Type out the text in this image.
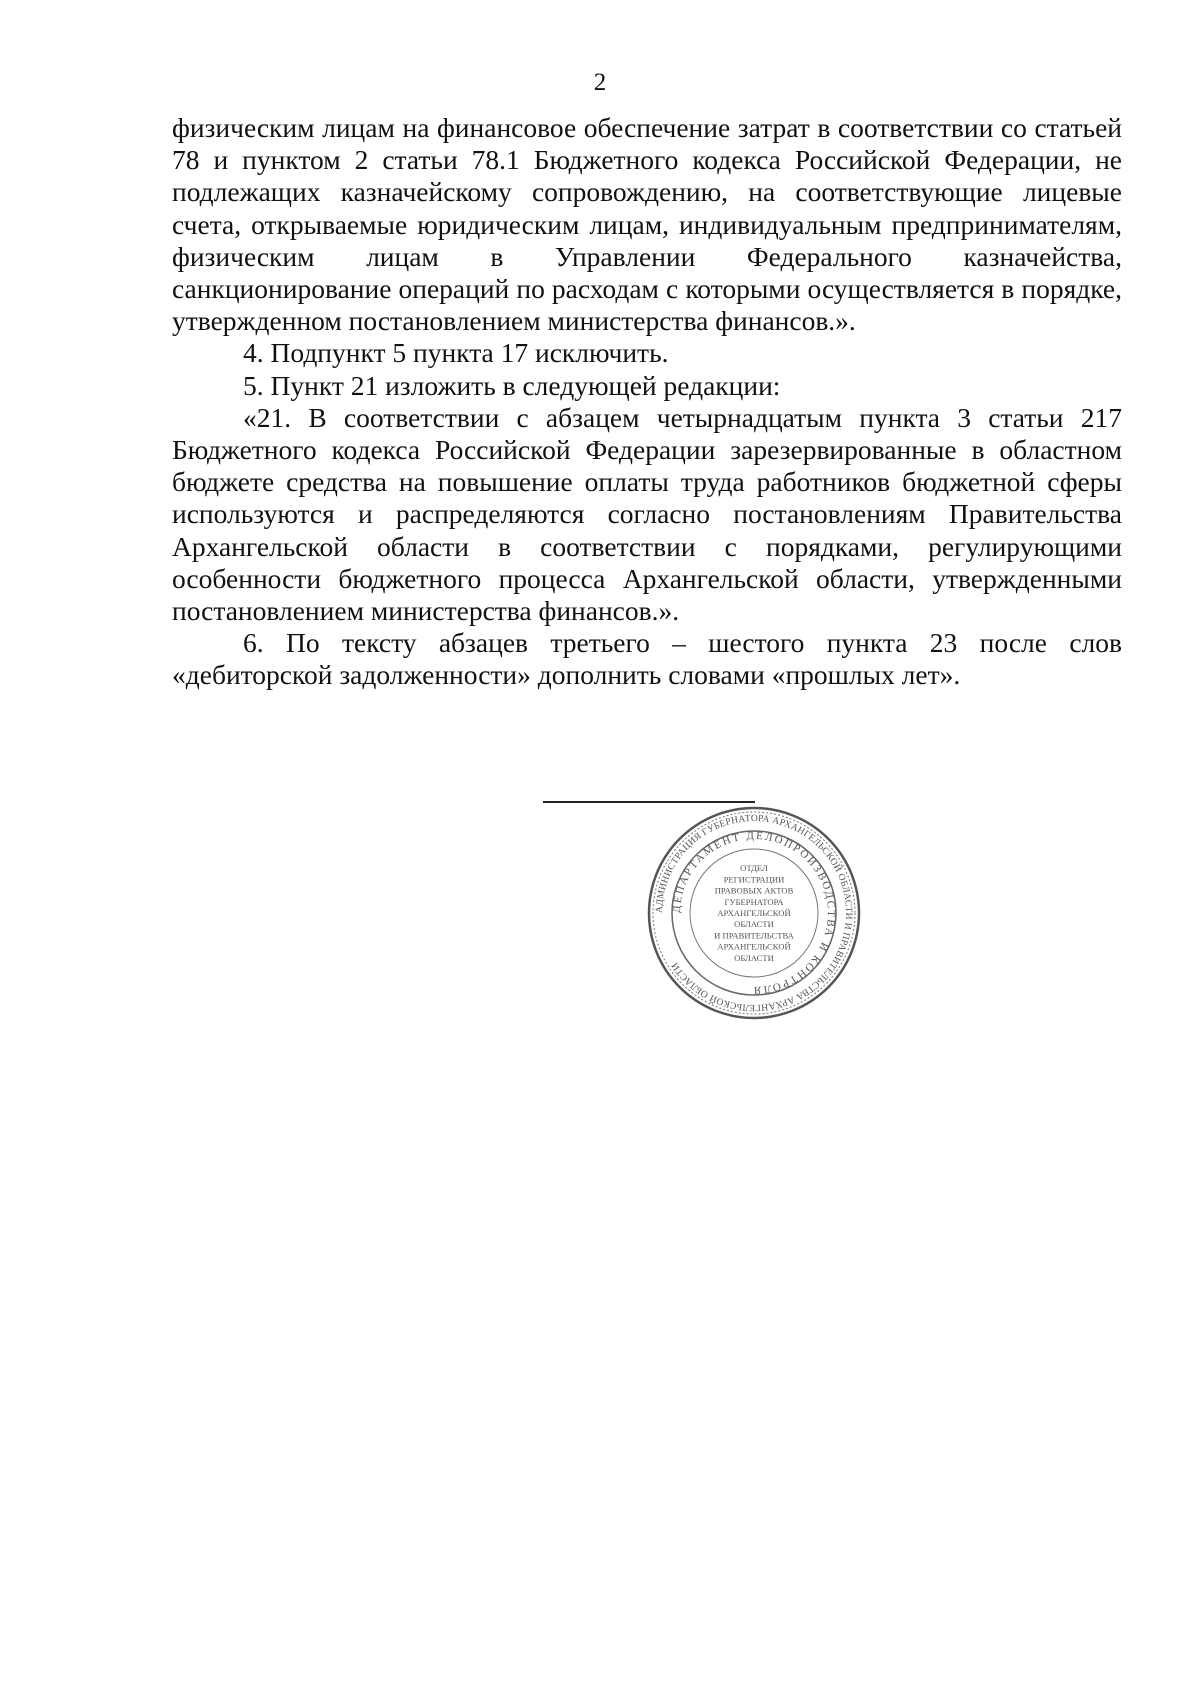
2

физическим лицам на финансовое обеспечение затрат в соответствии со статьей 78 и пунктом 2 статьи 78.1 Бюджетного кодекса Российской Федерации, не подлежащих казначейскому сопровождению, на соответствующие лицевые счета, открываемые юридическим лицам, индивидуальным предпринимателям, физическим лицам в Управлении Федерального казначейства, санкционирование операций по расходам с которыми осуществляется в порядке, утвержденном постановлением министерства финансов.».

4. Подпункт 5 пункта 17 исключить.

5. Пункт 21 изложить в следующей редакции:

«21. В соответствии с абзацем четырнадцатым пункта 3 статьи 217 Бюджетного кодекса Российской Федерации зарезервированные в областном бюджете средства на повышение оплаты труда работников бюджетной сферы используются и распределяются согласно постановлениям Правительства Архангельской области в соответствии с порядками, регулирующими особенности бюджетного процесса Архангельской области, утвержденными постановлением министерства финансов.».

6. По тексту абзацев третьего – шестого пункта 23 после слов «дебиторской задолженности» дополнить словами «прошлых лет».

АДМИНИСТРАЦИЯ ГУБЕРНАТОРА АРХАНГЕЛЬСКОЙ ОБЛАСТИ И ПРАВИТЕЛЬСТВА АРХАНГЕЛЬСКОЙ ОБЛАСТИ
ДЕПАРТАМЕНТ ДЕЛОПРОИЗВОДСТВА И КОНТРОЛЯ
ОТДЕЛ
РЕГИСТРАЦИИ
ПРАВОВЫХ АКТОВ
ГУБЕРНАТОРА
АРХАНГЕЛЬСКОЙ
ОБЛАСТИ
И ПРАВИТЕЛЬСТВА
АРХАНГЕЛЬСКОЙ
ОБЛАСТИ
